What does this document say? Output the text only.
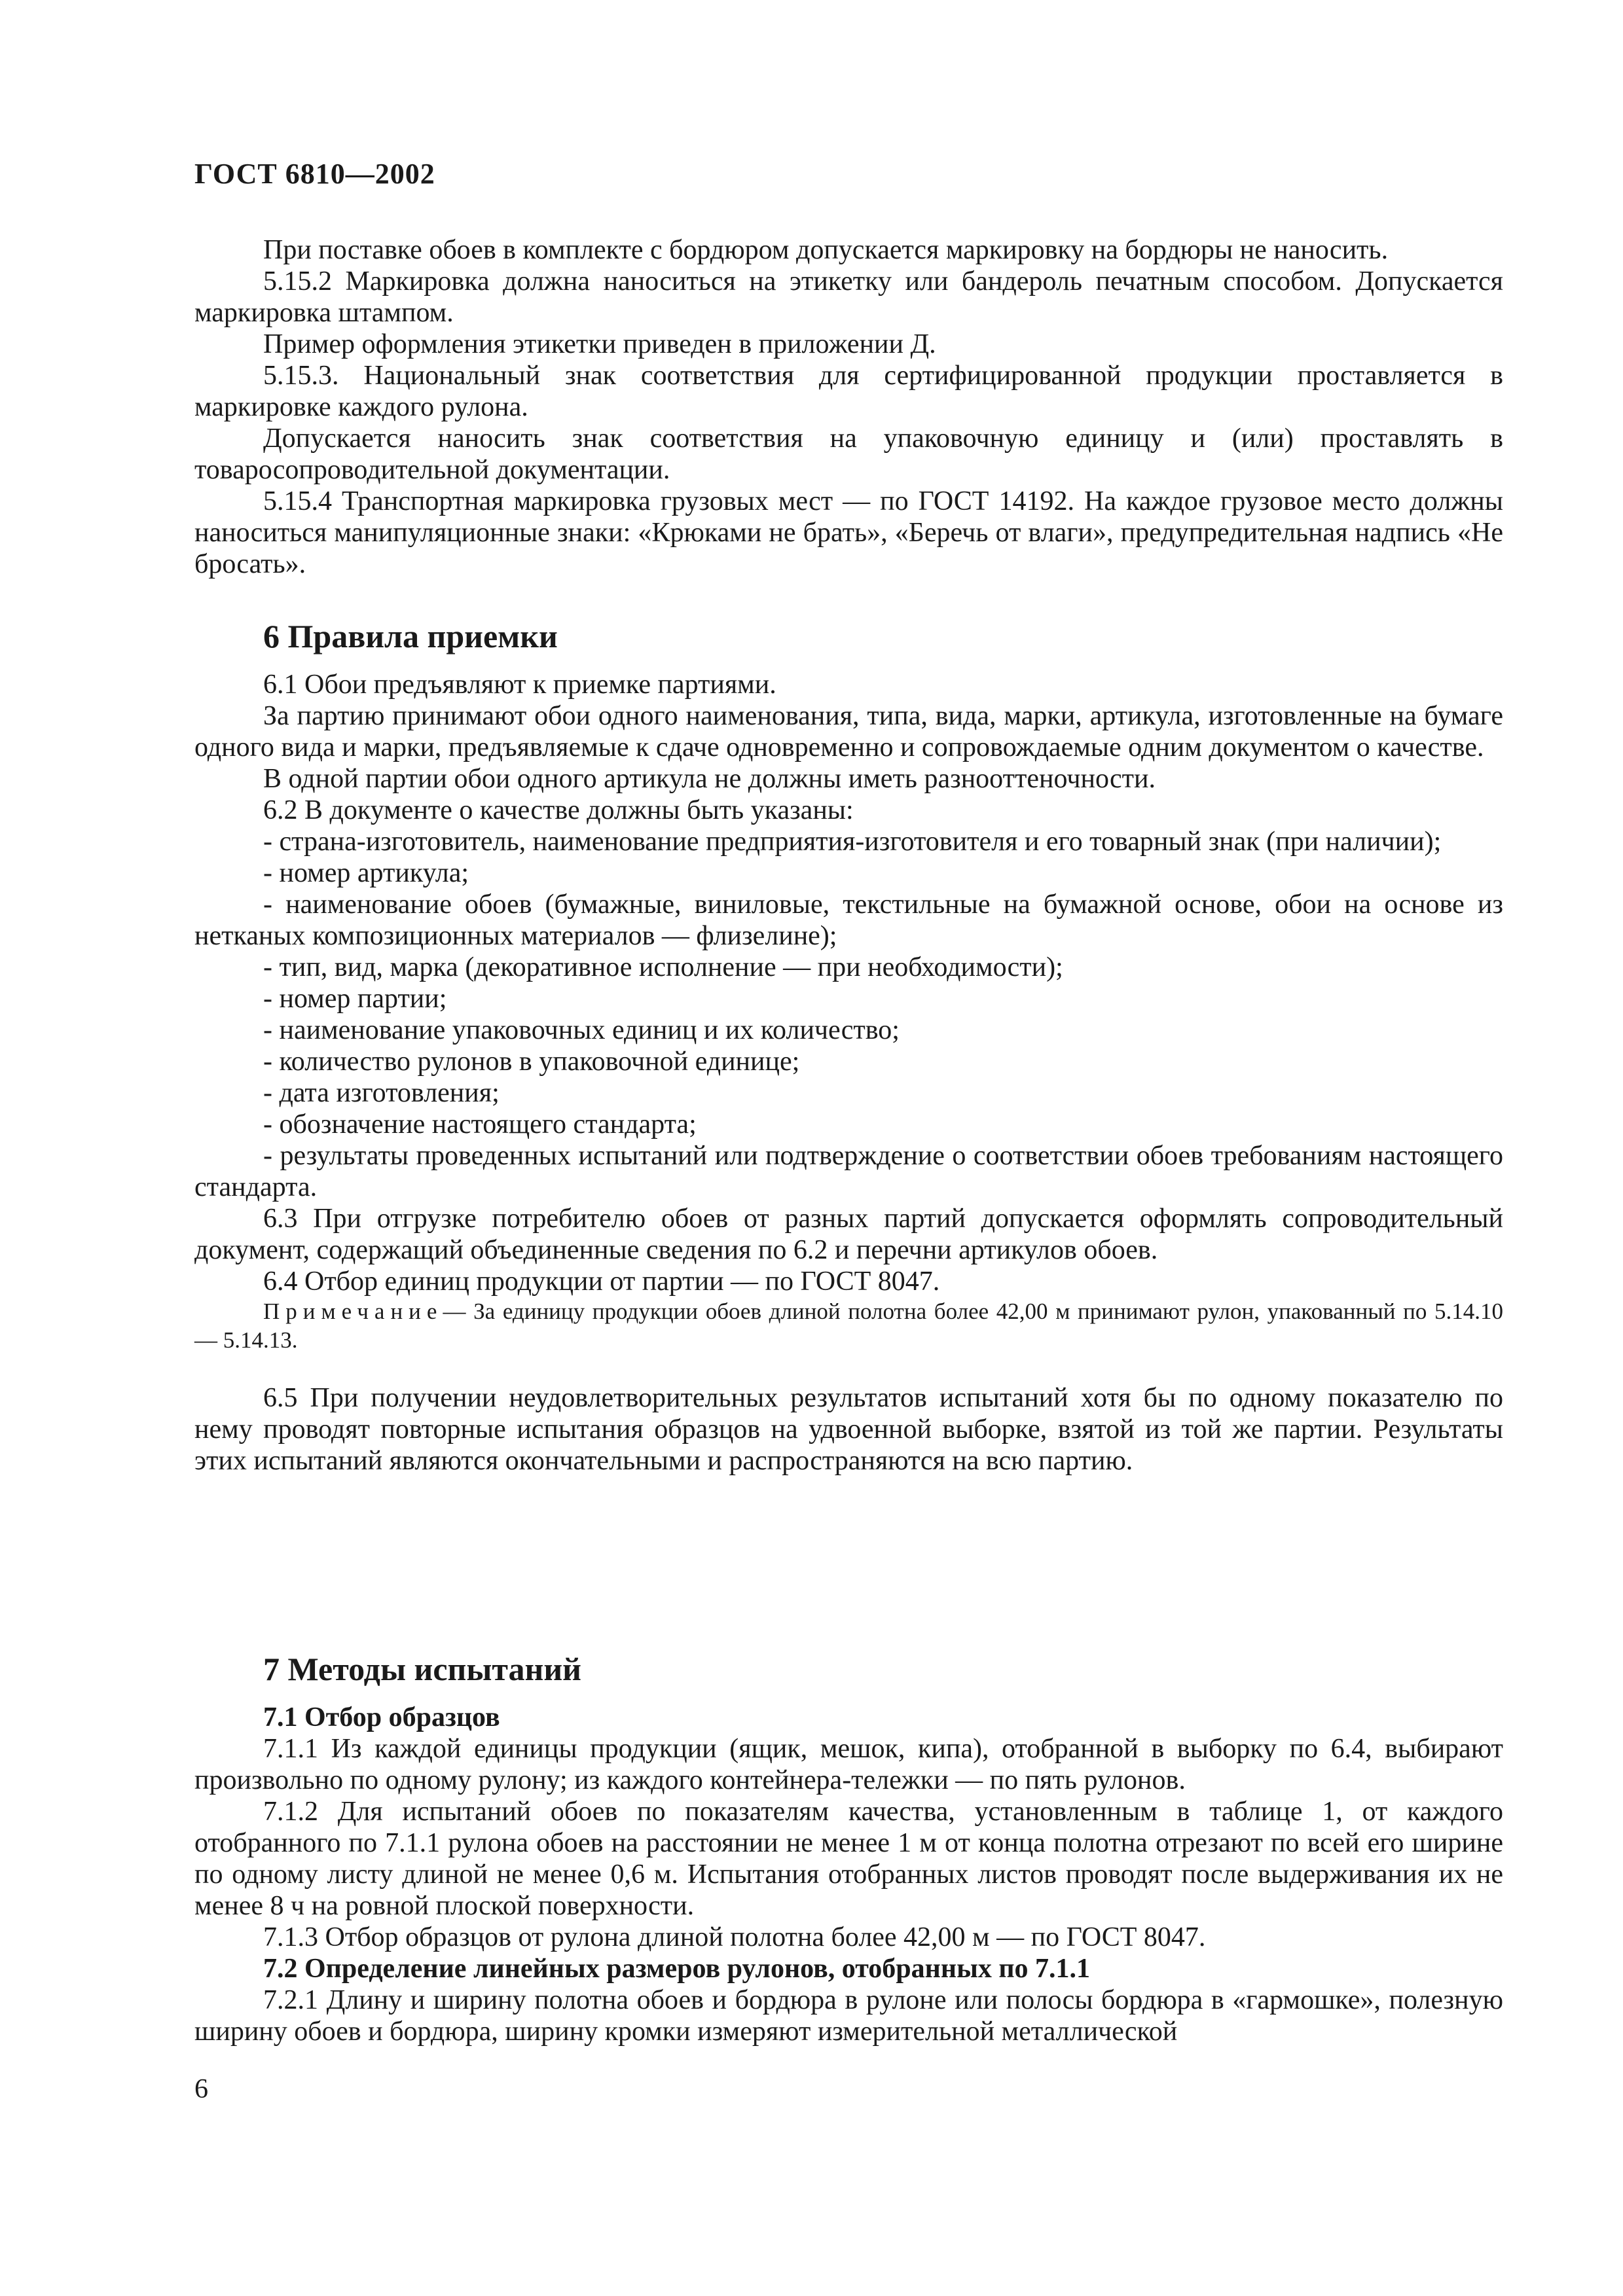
ГОСТ 6810—2002

При поставке обоев в комплекте с бордюром допускается маркировку на бордюры не наносить.

5.15.2 Маркировка должна наноситься на этикетку или бандероль печатным способом. Допускается маркировка штампом.

Пример оформления этикетки приведен в приложении Д.

5.15.3. Национальный знак соответствия для сертифицированной продукции проставляется в маркировке каждого рулона.

Допускается наносить знак соответствия на упаковочную единицу и (или) проставлять в товаросопроводительной документации.

5.15.4 Транспортная маркировка грузовых мест — по ГОСТ 14192. На каждое грузовое место должны наноситься манипуляционные знаки: «Крюками не брать», «Беречь от влаги», предупредительная надпись «Не бросать».

6 Правила приемки

6.1 Обои предъявляют к приемке партиями.

За партию принимают обои одного наименования, типа, вида, марки, артикула, изготовленные на бумаге одного вида и марки, предъявляемые к сдаче одновременно и сопровождаемые одним документом о качестве.

В одной партии обои одного артикула не должны иметь разнооттеночности.

6.2 В документе о качестве должны быть указаны:

- страна-изготовитель, наименование предприятия-изготовителя и его товарный знак (при наличии);

- номер артикула;

- наименование обоев (бумажные, виниловые, текстильные на бумажной основе, обои на основе из нетканых композиционных материалов — флизелине);

- тип, вид, марка (декоративное исполнение — при необходимости);

- номер партии;

- наименование упаковочных единиц и их количество;

- количество рулонов в упаковочной единице;

- дата изготовления;

- обозначение настоящего стандарта;

- результаты проведенных испытаний или подтверждение о соответствии обоев требованиям настоящего стандарта.

6.3 При отгрузке потребителю обоев от разных партий допускается оформлять сопроводительный документ, содержащий объединенные сведения по 6.2 и перечни артикулов обоев.

6.4 Отбор единиц продукции от партии — по ГОСТ 8047.

Примечание— За единицу продукции обоев длиной полотна более 42,00 м принимают рулон, упакованный по 5.14.10 — 5.14.13.

6.5 При получении неудовлетворительных результатов испытаний хотя бы по одному показателю по нему проводят повторные испытания образцов на удвоенной выборке, взятой из той же партии. Результаты этих испытаний являются окончательными и распространяются на всю партию.

7 Методы испытаний

7.1 Отбор образцов

7.1.1 Из каждой единицы продукции (ящик, мешок, кипа), отобранной в выборку по 6.4, выбирают произвольно по одному рулону; из каждого контейнера-тележки — по пять рулонов.

7.1.2 Для испытаний обоев по показателям качества, установленным в таблице 1, от каждого отобранного по 7.1.1 рулона обоев на расстоянии не менее 1 м от конца полотна отрезают по всей его ширине по одному листу длиной не менее 0,6 м. Испытания отобранных листов проводят после выдерживания их не менее 8 ч на ровной плоской поверхности.

7.1.3 Отбор образцов от рулона длиной полотна более 42,00 м — по ГОСТ 8047.

7.2 Определение линейных размеров рулонов, отобранных по 7.1.1

7.2.1 Длину и ширину полотна обоев и бордюра в рулоне или полосы бордюра в «гармошке», полезную ширину обоев и бордюра, ширину кромки измеряют измерительной металлической

6
